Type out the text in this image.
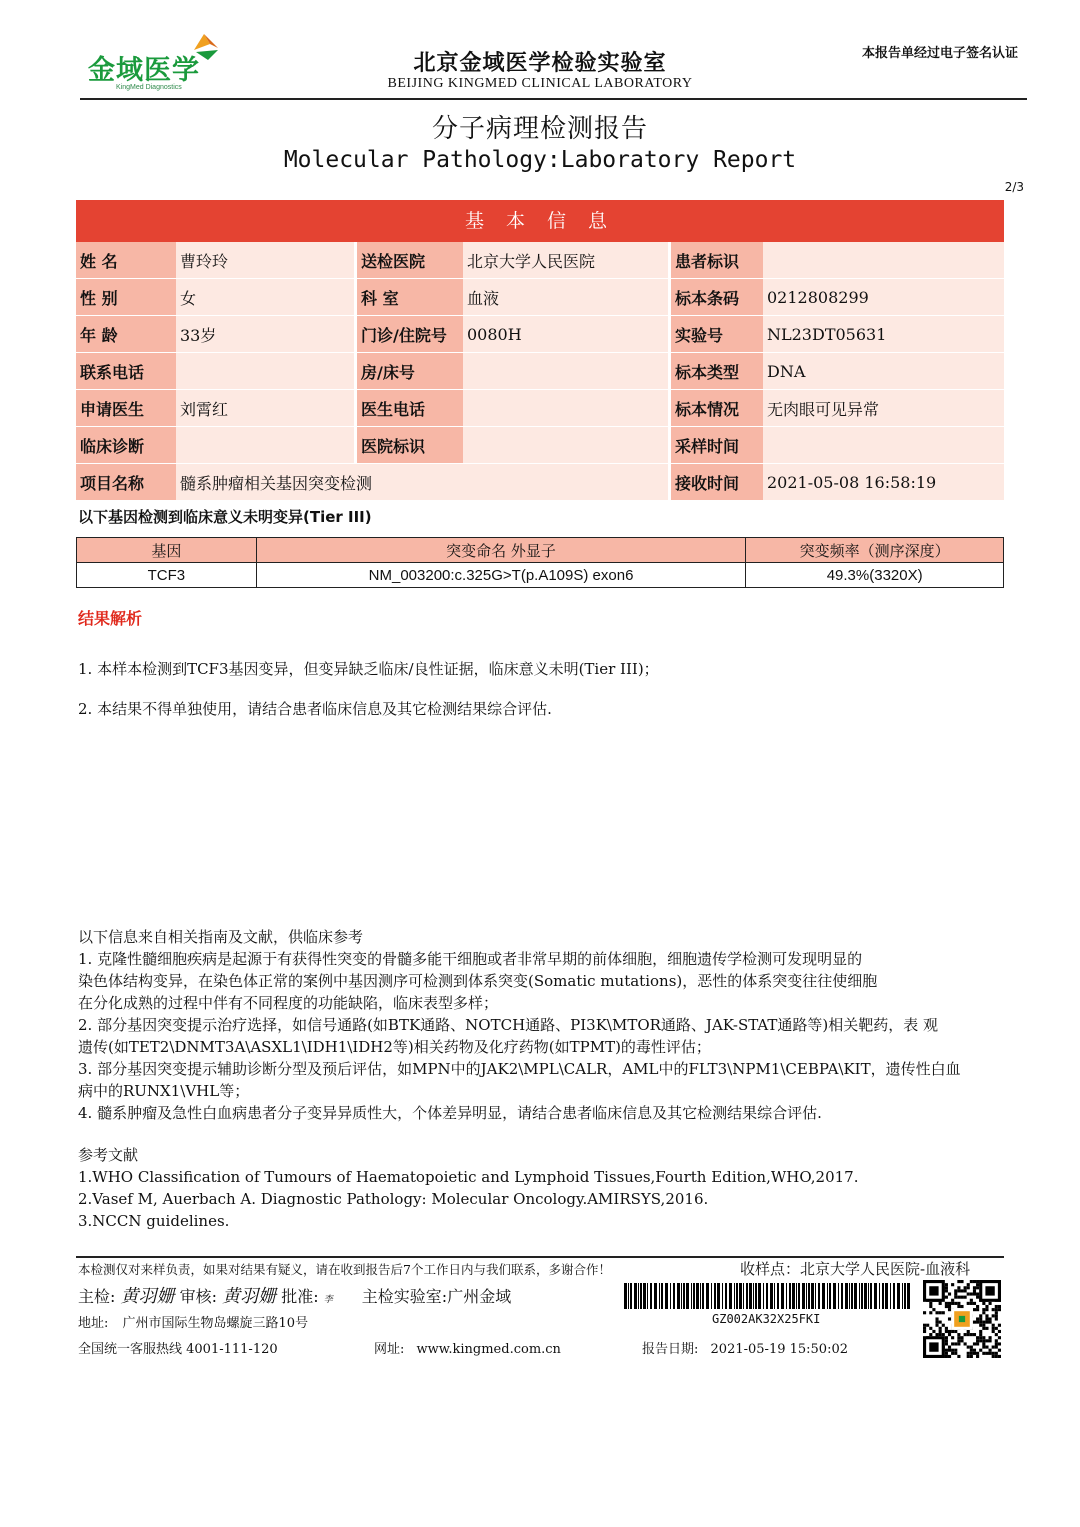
金域医学
KingMed Diagnostics
北京金域医学检验实验室
BEIJING KINGMED CLINICAL LABORATORY
本报告单经过电子签名认证
分子病理检测报告
Molecular Pathology:Laboratory Report
2/3
基 本 信 息
姓 名	曹玲玲		送检医院	北京大学人民医院		患者标识	
性 别	女		科 室	血液		标本条码	0212808299
年 龄	33岁		门诊/住院号	0080H		实验号	NL23DT05631
联系电话			房/床号			标本类型	DNA
申请医生	刘霄红		医生电话			标本情况	无肉眼可见异常
临床诊断			医院标识			采样时间	
项目名称	髓系肿瘤相关基因突变检测					接收时间	2021-05-08 16:58:19
以下基因检测到临床意义未明变异(Tier III)
基因	突变命名 外显子	突变频率（测序深度）
TCF3	NM_003200:c.325G>T(p.A109S) exon6	49.3%(3320X)
结果解析
1. 本样本检测到TCF3基因变异，但变异缺乏临床/良性证据，临床意义未明(Tier III)；
2. 本结果不得单独使用，请结合患者临床信息及其它检测结果综合评估.
以下信息来自相关指南及文献，供临床参考
1. 克隆性髓细胞疾病是起源于有获得性突变的骨髓多能干细胞或者非常早期的前体细胞，细胞遗传学检测可发现明显的
染色体结构变异，在染色体正常的案例中基因测序可检测到体系突变(Somatic mutations)，恶性的体系突变往往使细胞
在分化成熟的过程中伴有不同程度的功能缺陷，临床表型多样；
2. 部分基因突变提示治疗选择，如信号通路(如BTK通路、NOTCH通路、PI3K\MTOR通路、JAK-STAT通路等)相关靶药，表 观
遗传(如TET2\DNMT3A\ASXL1\IDH1\IDH2等)相关药物及化疗药物(如TPMT)的毒性评估；
3. 部分基因突变提示辅助诊断分型及预后评估，如MPN中的JAK2\MPL\CALR，AML中的FLT3\NPM1\CEBPA\KIT，遗传性白血
病中的RUNX1\VHL等；
4. 髓系肿瘤及急性白血病患者分子变异异质性大，个体差异明显，请结合患者临床信息及其它检测结果综合评估.
参考文献
1.WHO Classification of Tumours of Haematopoietic and Lymphoid Tissues,Fourth Edition,WHO,2017.
2.Vasef M, Auerbach A. Diagnostic Pathology: Molecular Oncology.AMIRSYS,2016.
3.NCCN guidelines.
本检测仅对来样负责，如果对结果有疑义，请在收到报告后7个工作日内与我们联系，多谢合作！	收样点：北京大学人民医院-血液科
主检: 黄羽姗 审核: 黄羽姗 批准: 李 主检实验室:广州金域
地址: 广州市国际生物岛螺旋三路10号	GZ002AK32X25FKI
全国统一客服热线 4001-111-120	网址: www.kingmed.com.cn	报告日期: 2021-05-19 15:50:02
